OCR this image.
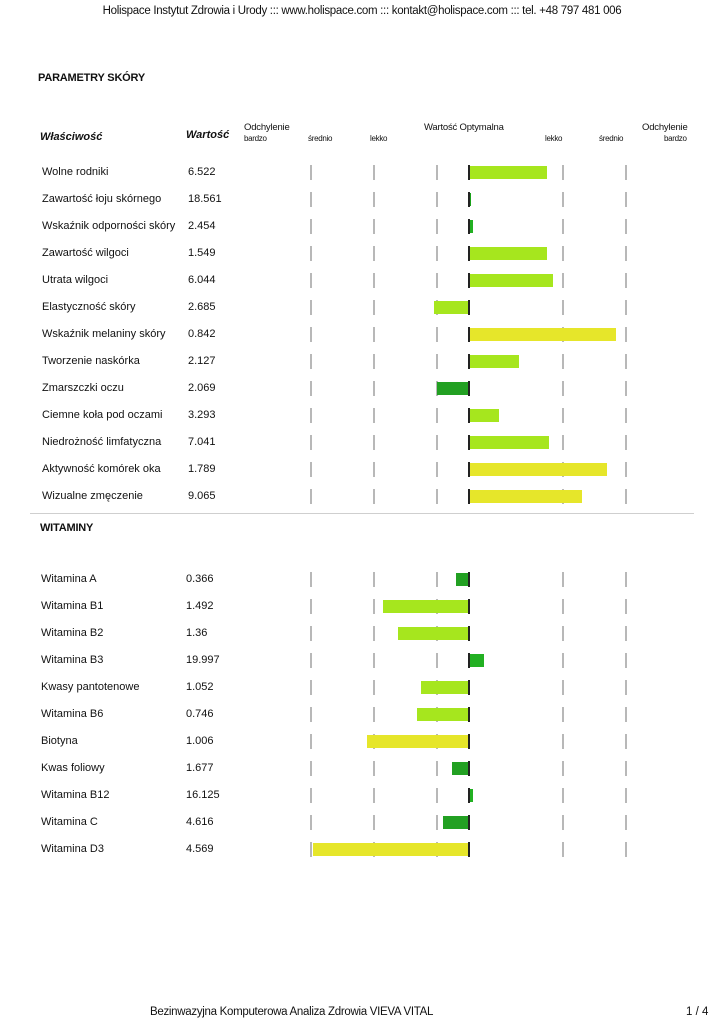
Holispace Instytut Zdrowia i Urody ::: www.holispace.com ::: kontakt@holispace.com ::: tel. +48 797 481 006
PARAMETRY SKÓRY
Właściwość	Wartość
Odchylenie
bardzo	średnio	lekko
Wartość Optymalna
lekko	średnio
Odchylenie
bardzo
Wolne rodniki	6.522
Zawartość łoju skórnego 18.561
Wskaźnik odporności skóry 2.454
Zawartość wilgoci	1.549
Utrata wilgoci	6.044
Elastyczność skóry	2.685
Wskaźnik melaniny skóry 0.842
Tworzenie naskórka	2.127
Zmarszczki oczu	2.069
Ciemne koła pod oczami 3.293
Niedrożność limfatyczna 7.041
Aktywność komórek oka 1.789
Wizualne zmęczenie	9.065
WITAMINY
Witamina A	0.366
Witamina B1	1.492
Witamina B2	1.36
Witamina B3	19.997
Kwasy pantotenowe	1.052
Witamina B6	0.746
Biotyna	1.006
Kwas foliowy	1.677
Witamina B12	16.125
Witamina C	4.616
Witamina D3	4.569
Bezinwazyjna Komputerowa Analiza Zdrowia VIEVA VITAL	1 / 4
